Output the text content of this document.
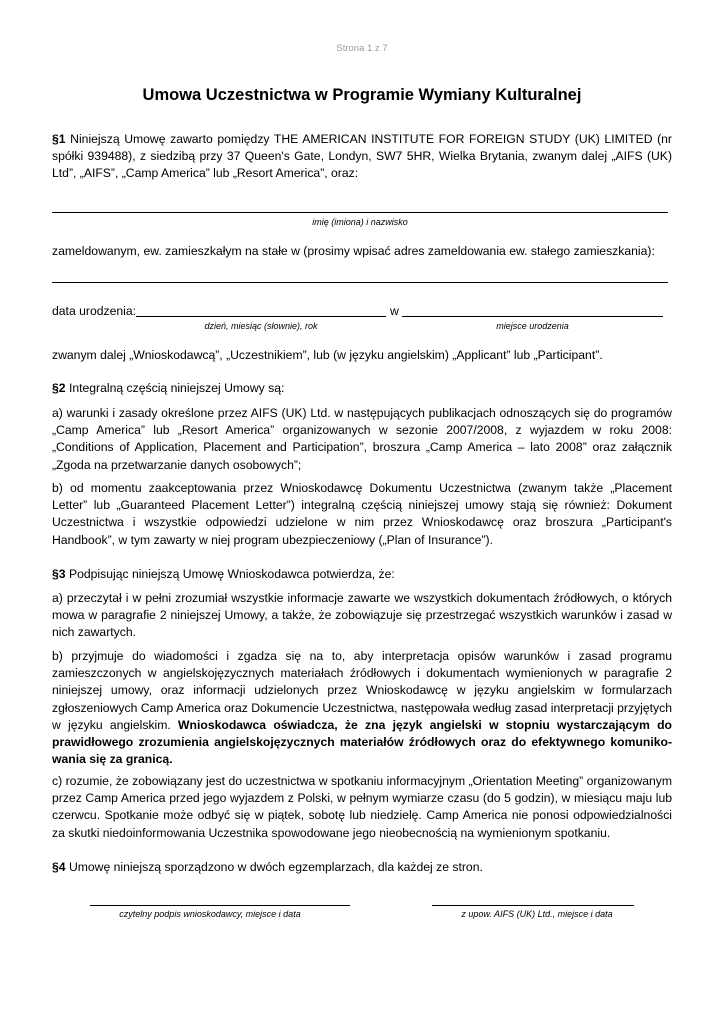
Strona 1 z 7
Umowa Uczestnictwa w Programie Wymiany Kulturalnej
§1 Niniejszą Umowę zawarto pomiędzy THE AMERICAN INSTITUTE FOR FOREIGN STUDY (UK) LIMITED (nr spółki 939488), z siedzibą przy 37 Queen's Gate, Londyn, SW7 5HR, Wielka Brytania, zwanym dalej „AIFS (UK) Ltd”, „AIFS”, „Camp America” lub „Resort America”, oraz:
imię (imiona) i nazwisko
zameldowanym, ew. zamieszkałym na stałe w (prosimy wpisać adres zameldowania ew. stałego zamieszkania):
data urodzenia:	w
dzień, miesiąc (słownie), rok	miejsce urodzenia
zwanym dalej „Wnioskodawcą”, „Uczestnikiem”, lub (w języku angielskim) „Applicant” lub „Participant”.
§2 Integralną częścią niniejszej Umowy są:
a) warunki i zasady określone przez AIFS (UK) Ltd. w następujących publikacjach odnoszących się do programów „Camp America” lub „Resort America” organizowanych w sezonie 2007/2008, z wyjazdem w roku 2008: „Conditions of Application, Placement and Participation”, broszura „Camp America – lato 2008” oraz załącznik „Zgoda na przetwarzanie danych osobowych”;
b) od momentu zaakceptowania przez Wnioskodawcę Dokumentu Uczestnictwa (zwanym także „Placement Letter” lub „Guaranteed Placement Letter”) integralną częścią niniejszej umowy stają się również: Dokument Uczestnictwa i wszystkie odpowiedzi udzielone w nim przez Wnioskodawcę oraz broszura „Participant's Handbook”, w tym zawarty w niej program ubezpieczeniowy („Plan of Insurance”).
§3 Podpisując niniejszą Umowę Wnioskodawca potwierdza, że:
a) przeczytał i w pełni zrozumiał wszystkie informacje zawarte we wszystkich dokumentach źródłowych, o których mowa w paragrafie 2 niniejszej Umowy, a także, że zobowiązuje się przestrzegać wszystkich warunków i zasad w nich zawartych.
b) przyjmuje do wiadomości i zgadza się na to, aby interpretacja opisów warunków i zasad programu zamieszczonych w angielskojęzycznych materiałach źródłowych i dokumentach wymienionych w paragrafie 2 niniejszej umowy, oraz informacji udzielonych przez Wnioskodawcę w języku angielskim w formularzach zgłoszeniowych Camp America oraz Dokumencie Uczestnictwa, następowała według zasad interpretacji przyjętych w języku angielskim. Wnioskodawca oświadcza, że zna język angielski w stopniu wystarczającym do prawidłowego zrozumienia angielskojęzycznych materiałów źródłowych oraz do efektywnego komuniko-wania się za granicą.
c) rozumie, że zobowiązany jest do uczestnictwa w spotkaniu informacyjnym „Orientation Meeting” organizowanym przez Camp America przed jego wyjazdem z Polski, w pełnym wymiarze czasu (do 5 godzin), w miesiącu maju lub czerwcu. Spotkanie może odbyć się w piątek, sobotę lub niedzielę. Camp America nie ponosi odpowiedzialności za skutki niedoinformowania Uczestnika spowodowane jego nieobecnością na wymienionym spotkaniu.
§4 Umowę niniejszą sporządzono w dwóch egzemplarzach, dla każdej ze stron.
czytelny podpis wnioskodawcy, miejsce i data	z upow. AIFS (UK) Ltd., miejsce i data
